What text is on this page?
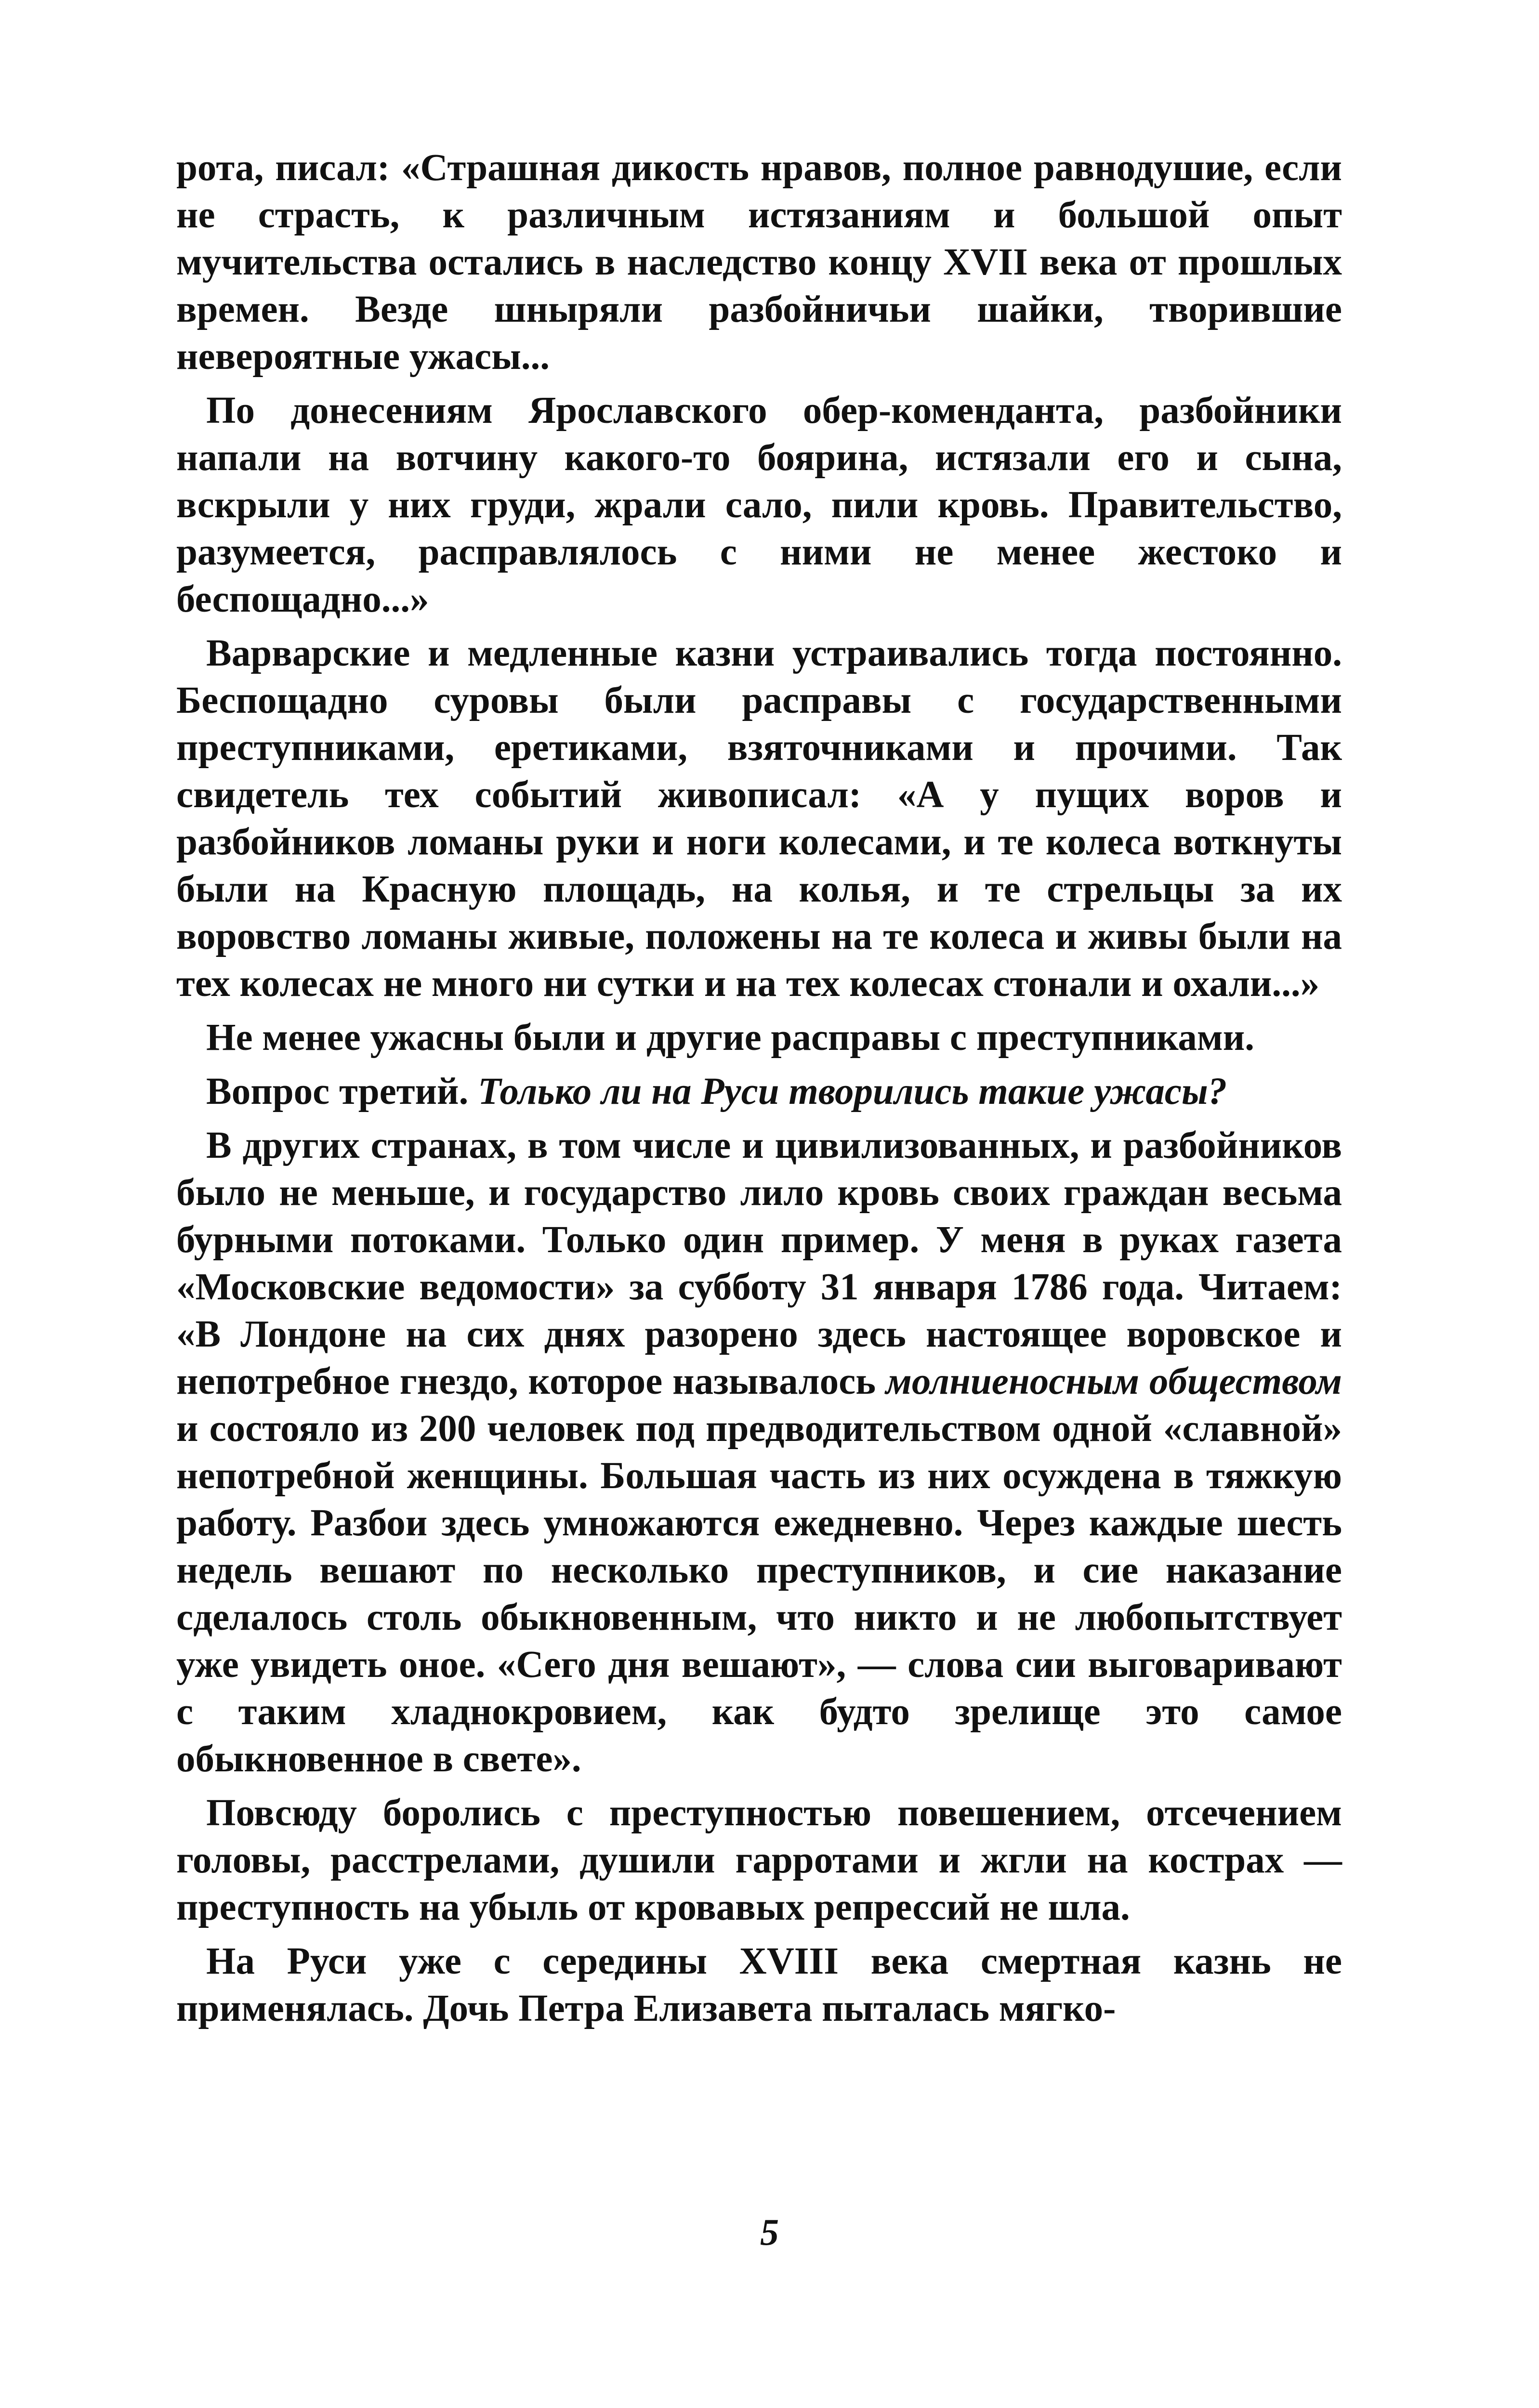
рота, писал: «Страшная дикость нравов, полное равнодушие, если не страсть, к различным истязаниям и большой опыт мучительства остались в наследство концу XVII века от прошлых времен. Везде шныряли разбойничьи шайки, творившие невероятные ужасы...

По донесениям Ярославского обер-коменданта, разбойники напали на вотчину какого-то боярина, истязали его и сына, вскрыли у них груди, жрали сало, пили кровь. Правительство, разумеется, расправлялось с ними не менее жестоко и беспощадно...»

Варварские и медленные казни устраивались тогда постоянно. Беспощадно суровы были расправы с государственными преступниками, еретиками, взяточниками и прочими. Так свидетель тех событий живописал: «А у пущих воров и разбойников ломаны руки и ноги колесами, и те колеса воткнуты были на Красную площадь, на колья, и те стрельцы за их воровство ломаны живые, положены на те колеса и живы были на тех колесах не много ни сутки и на тех колесах стонали и охали...»

Не менее ужасны были и другие расправы с преступниками.

Вопрос третий. Только ли на Руси творились такие ужасы?

В других странах, в том числе и цивилизованных, и разбойников было не меньше, и государство лило кровь своих граждан весьма бурными потоками. Только один пример. У меня в руках газета «Московские ведомости» за субботу 31 января 1786 года. Читаем: «В Лондоне на сих днях разорено здесь настоящее воровское и непотребное гнездо, которое называлось молниеносным обществом и состояло из 200 человек под предводительством одной «славной» непотребной женщины. Большая часть из них осуждена в тяжкую работу. Разбои здесь умножаются ежедневно. Через каждые шесть недель вешают по несколько преступников, и сие наказание сделалось столь обыкновенным, что никто и не любопытствует уже увидеть оное. «Сего дня вешают», — слова сии выговаривают с таким хладнокровием, как будто зрелище это самое обыкновенное в свете».

Повсюду боролись с преступностью повешением, отсечением головы, расстрелами, душили гарротами и жгли на кострах — преступность на убыль от кровавых репрессий не шла.

На Руси уже с середины XVIII века смертная казнь не применялась. Дочь Петра Елизавета пыталась мягко-

5
